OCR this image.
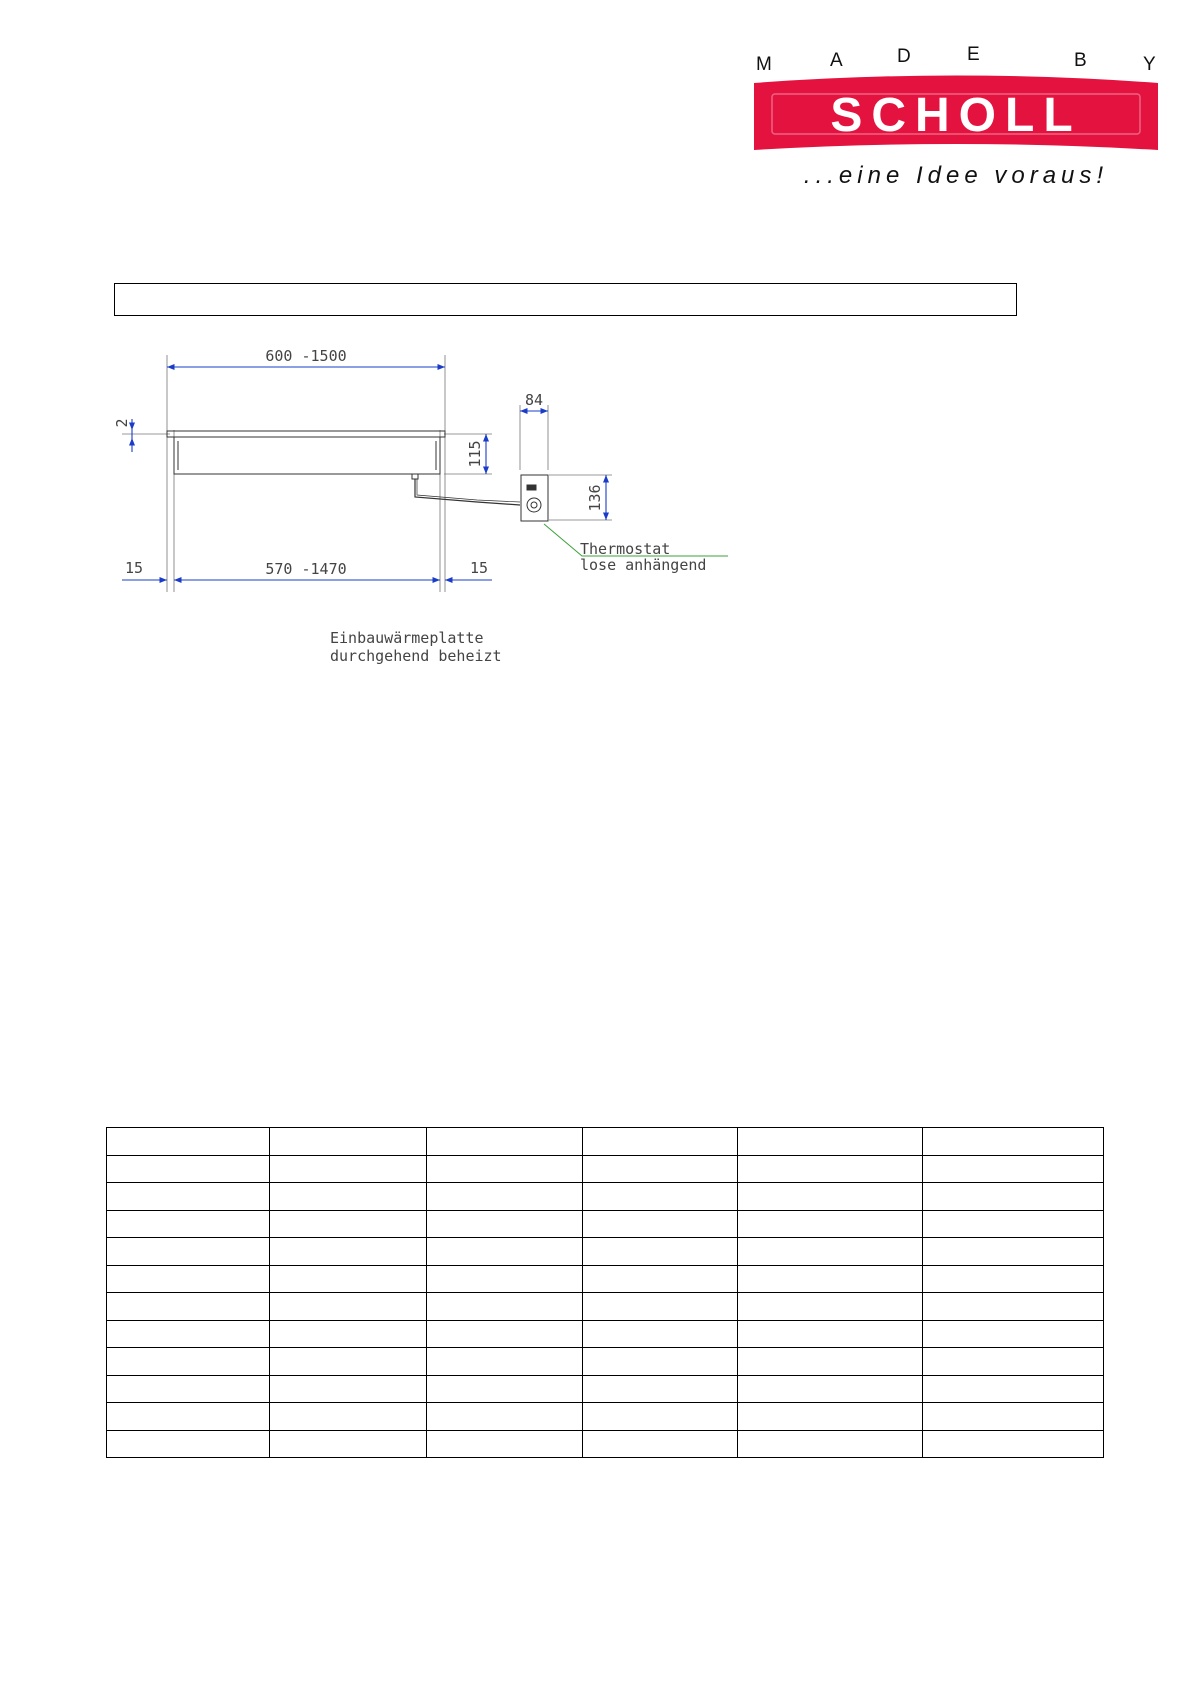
M	A	D	E	B	Y
SCHOLL
...eine Idee voraus!
600 -1500
2
115
84
136
15	570 -1470	15
Thermostat
lose anhängend
Einbauwärmeplatte
durchgehend beheizt
